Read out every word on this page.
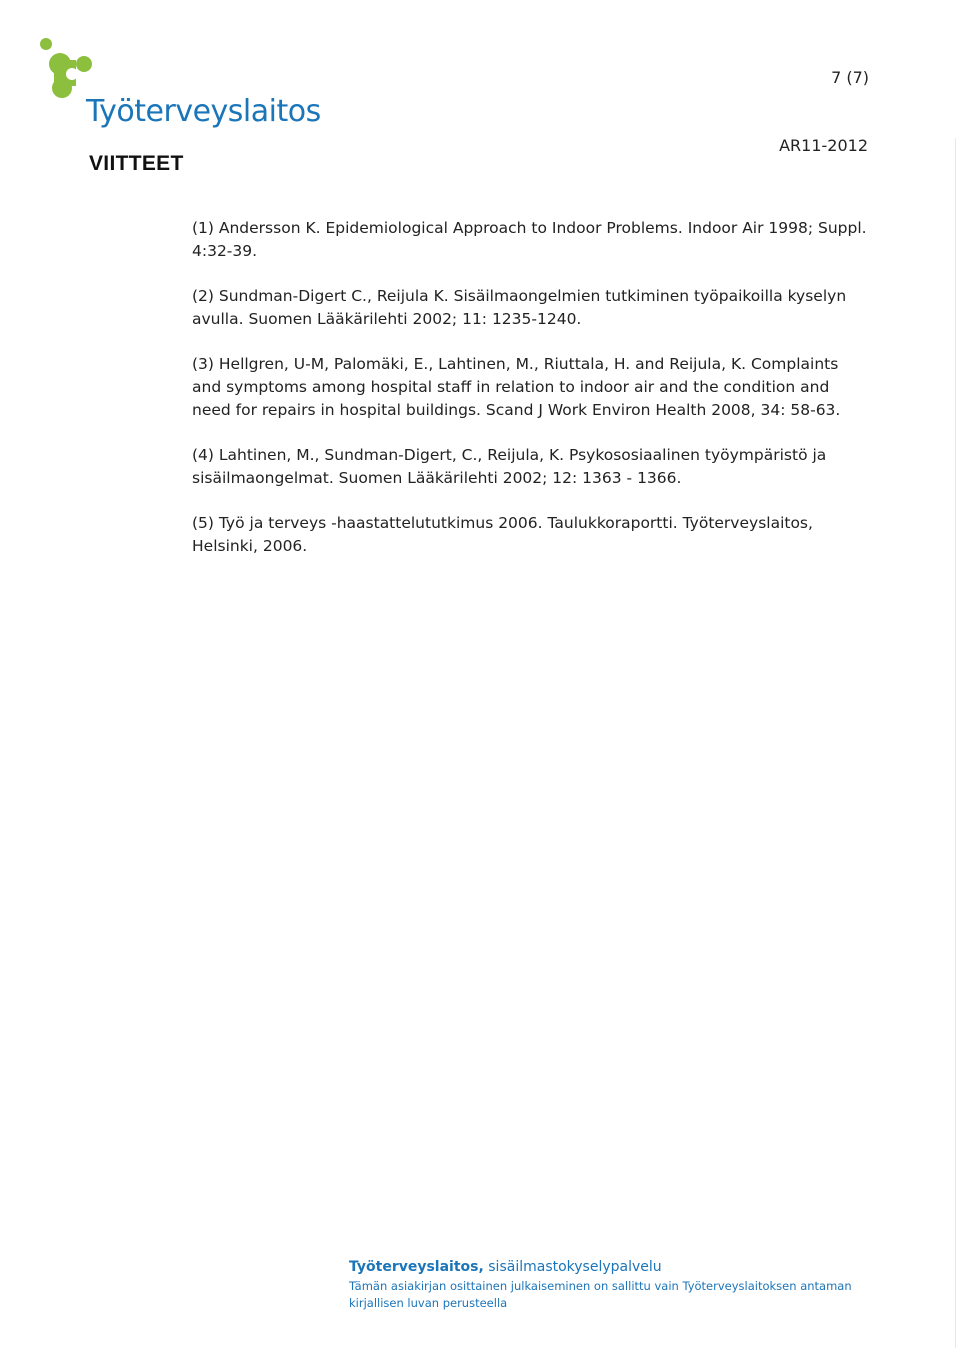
Työterveyslaitos
7 (7)
AR11-2012
VIITTEET

(1) Andersson K. Epidemiological Approach to Indoor Problems. Indoor Air 1998; Suppl. 4:32-39.

(2) Sundman-Digert C., Reijula K. Sisäilmaongelmien tutkiminen työpaikoilla kyselyn avulla. Suomen Lääkärilehti 2002; 11: 1235-1240.

(3) Hellgren, U-M, Palomäki, E., Lahtinen, M., Riuttala, H. and Reijula, K. Complaints and symptoms among hospital staff in relation to indoor air and the condition and need for repairs in hospital buildings. Scand J Work Environ Health 2008, 34: 58-63.

(4) Lahtinen, M., Sundman-Digert, C., Reijula, K. Psykososiaalinen työympäristö ja sisäilmaongelmat. Suomen Lääkärilehti 2002; 12: 1363 - 1366.

(5) Työ ja terveys -haastattelututkimus 2006. Taulukkoraportti. Työterveyslaitos, Helsinki, 2006.

Työterveyslaitos, sisäilmastokyselypalvelu
Tämän asiakirjan osittainen julkaiseminen on sallittu vain Työterveyslaitoksen antaman kirjallisen luvan perusteella
